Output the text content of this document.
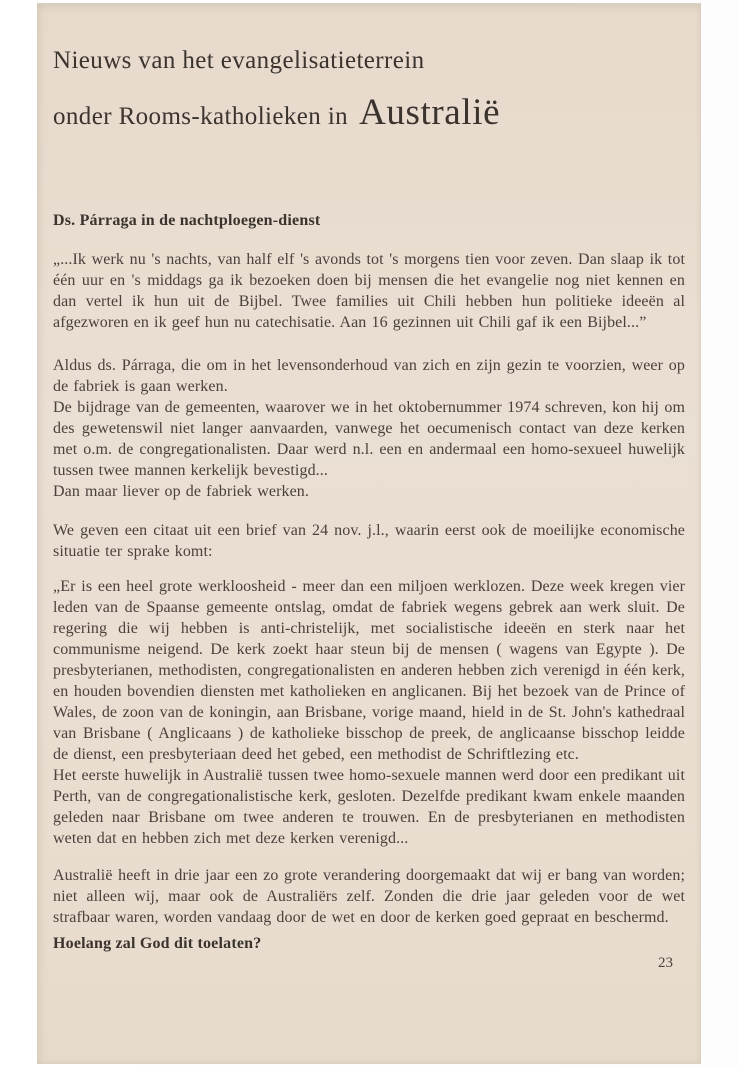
Nieuws van het evangelisatieterrein
onder Rooms-katholieken in Australië
Ds. Párraga in de nachtploegen-dienst

„...Ik werk nu 's nachts, van half elf 's avonds tot 's morgens tien voor zeven. Dan slaap ik tot één uur en 's middags ga ik bezoeken doen bij mensen die het evangelie nog niet kennen en dan vertel ik hun uit de Bijbel. Twee families uit Chili hebben hun politieke ideeën al afgezworen en ik geef hun nu catechisatie. Aan 16 gezinnen uit Chili gaf ik een Bijbel...”

Aldus ds. Párraga, die om in het levensonderhoud van zich en zijn gezin te voorzien, weer op de fabriek is gaan werken.

De bijdrage van de gemeenten, waarover we in het oktobernummer 1974 schreven, kon hij om des gewetenswil niet langer aanvaarden, vanwege het oecumenisch contact van deze kerken met o.m. de congregationalisten. Daar werd n.l. een en andermaal een homo-sexueel huwelijk tussen twee mannen kerkelijk bevestigd...

Dan maar liever op de fabriek werken.

We geven een citaat uit een brief van 24 nov. j.l., waarin eerst ook de moeilijke economische situatie ter sprake komt:

„Er is een heel grote werkloosheid - meer dan een miljoen werklozen. Deze week kregen vier leden van de Spaanse gemeente ontslag, omdat de fabriek wegens gebrek aan werk sluit. De regering die wij hebben is anti-christelijk, met socialistische ideeën en sterk naar het communisme neigend. De kerk zoekt haar steun bij de mensen ( wagens van Egypte ). De presbyterianen, methodisten, congregationalisten en anderen hebben zich verenigd in één kerk, en houden bovendien diensten met katholieken en anglicanen. Bij het bezoek van de Prince of Wales, de zoon van de koningin, aan Brisbane, vorige maand, hield in de St. John's kathedraal van Brisbane ( Anglicaans ) de katholieke bisschop de preek, de anglicaanse bisschop leidde de dienst, een presbyteriaan deed het gebed, een methodist de Schriftlezing etc.

Het eerste huwelijk in Australië tussen twee homo-sexuele mannen werd door een predikant uit Perth, van de congregationalistische kerk, gesloten. Dezelfde predikant kwam enkele maanden geleden naar Brisbane om twee anderen te trouwen. En de presbyterianen en methodisten weten dat en hebben zich met deze kerken verenigd...

Australië heeft in drie jaar een zo grote verandering doorgemaakt dat wij er bang van worden; niet alleen wij, maar ook de Australiërs zelf. Zonden die drie jaar geleden voor de wet strafbaar waren, worden vandaag door de wet en door de kerken goed gepraat en beschermd.

Hoelang zal God dit toelaten?
23
